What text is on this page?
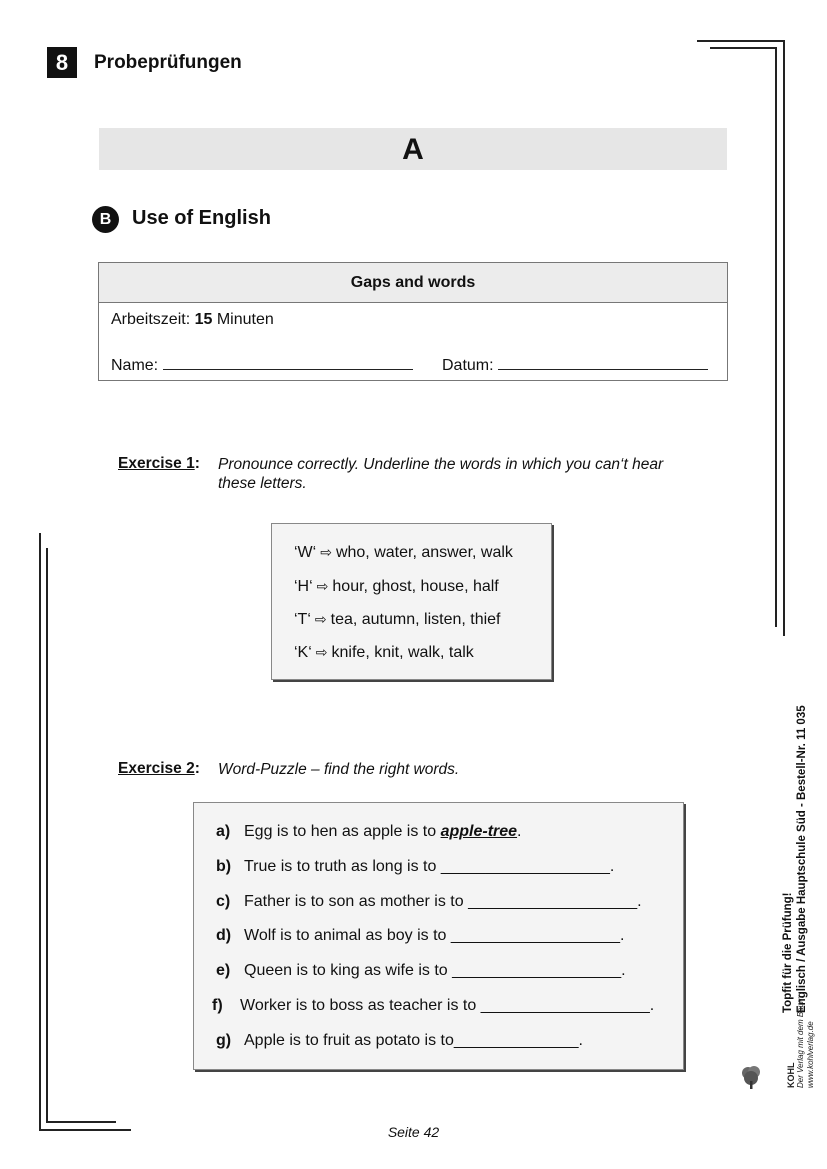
8	Probeprüfungen
A
B	Use of English
Gaps and words
Arbeitszeit: 15 Minuten
Name:	Datum:
Exercise 1: Pronounce correctly. Underline the words in which you can‘t hear
these letters.
‘W‘ ⇨ who, water, answer, walk
‘H‘ ⇨ hour, ghost, house, half
‘T‘ ⇨ tea, autumn, listen, thief
‘K‘ ⇨ knife, knit, walk, talk
Exercise 2: Word-Puzzle – find the right words.
a) Egg is to hen as apple is to apple-tree.
b) True is to truth as long is to ___________________.
c) Father is to son as mother is to ___________________.
d) Wolf is to animal as boy is to ___________________.
e) Queen is to king as wife is to ___________________.
f) Worker is to boss as teacher is to ___________________.
g) Apple is to fruit as potato is to______________.
Topfit für die Prüfung! Englisch / Ausgabe Hauptschule Süd - Bestell-Nr. 11 035
KOHL Der Verlag mit dem Baum www.kohlverlag.de
Seite 42
